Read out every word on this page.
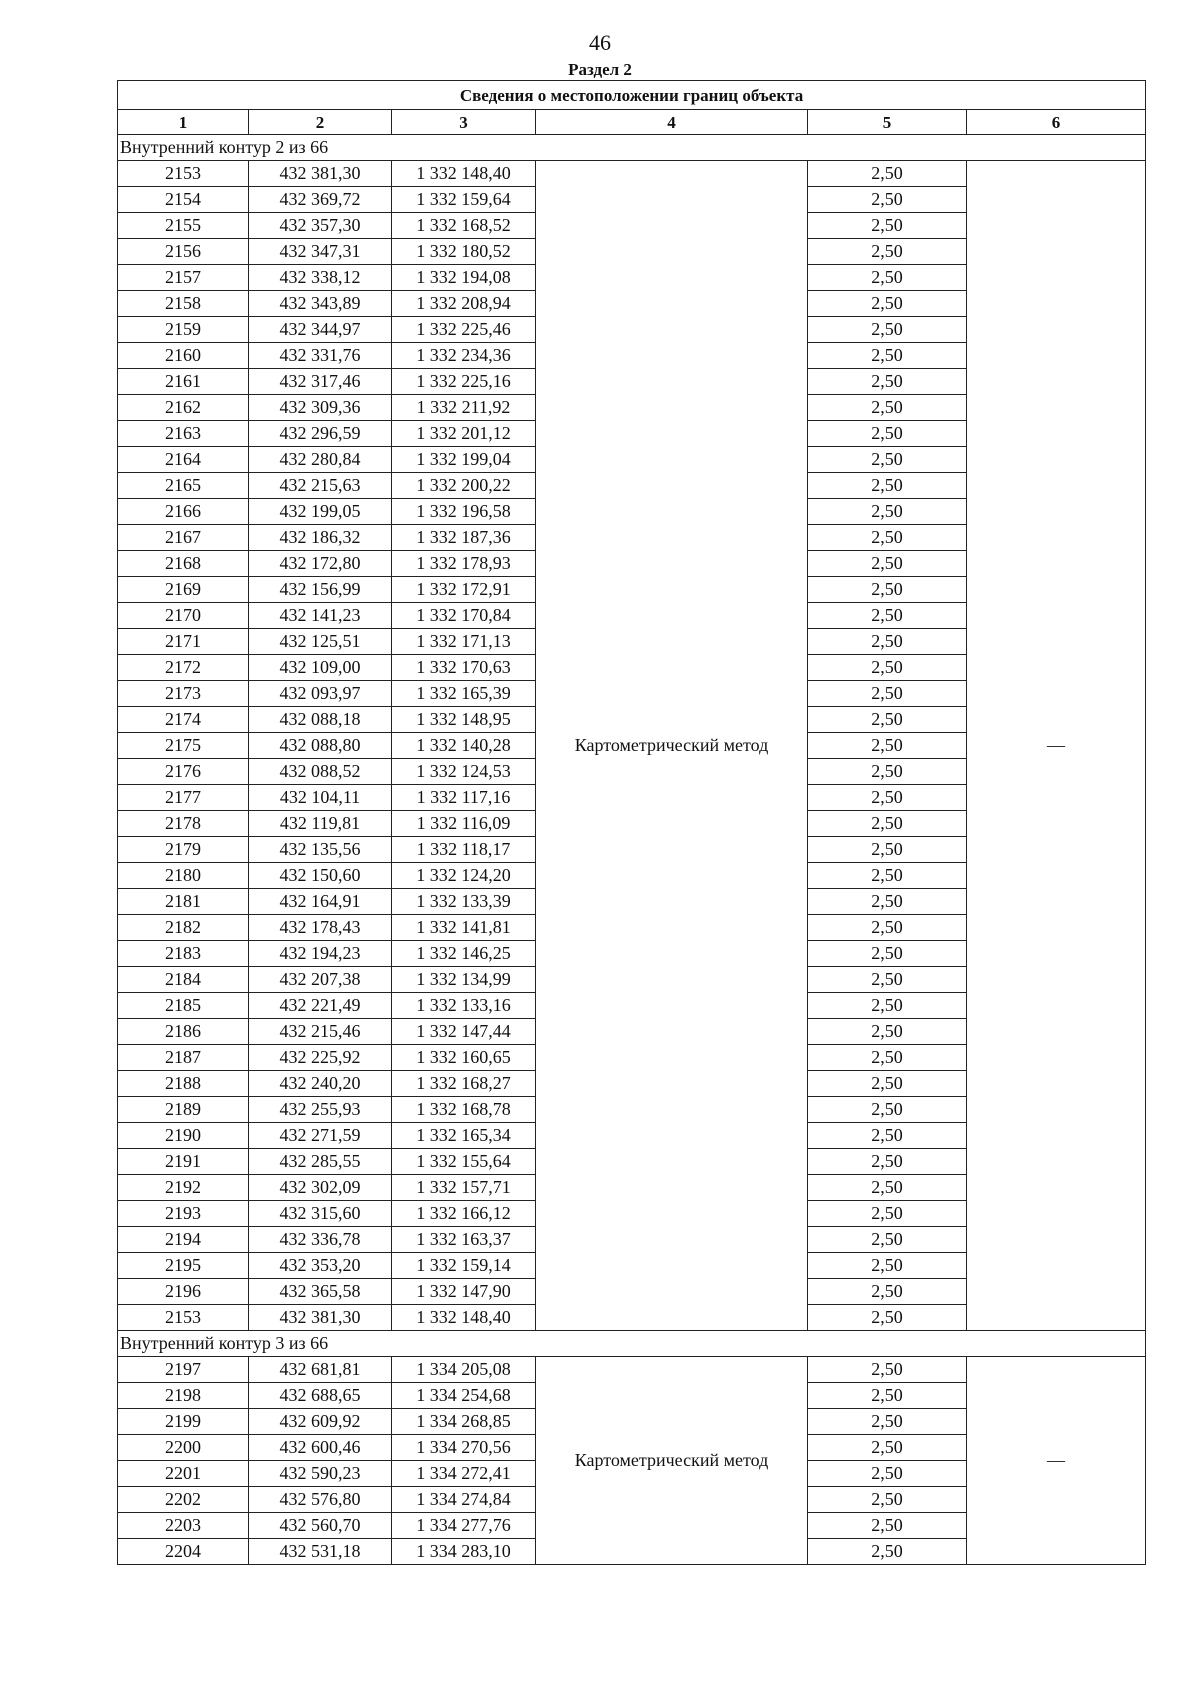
46
Раздел 2
Сведения о местоположении границ объекта					
1	2	3	4	5	6
Внутренний контур 2 из 66					
2153	432 381,30	1 332 148,40	Картометрический метод	2,50	—
2154	432 369,72	1 332 159,64		2,50	
2155	432 357,30	1 332 168,52		2,50	
2156	432 347,31	1 332 180,52		2,50	
2157	432 338,12	1 332 194,08		2,50	
2158	432 343,89	1 332 208,94		2,50	
2159	432 344,97	1 332 225,46		2,50	
2160	432 331,76	1 332 234,36		2,50	
2161	432 317,46	1 332 225,16		2,50	
2162	432 309,36	1 332 211,92		2,50	
2163	432 296,59	1 332 201,12		2,50	
2164	432 280,84	1 332 199,04		2,50	
2165	432 215,63	1 332 200,22		2,50	
2166	432 199,05	1 332 196,58		2,50	
2167	432 186,32	1 332 187,36		2,50	
2168	432 172,80	1 332 178,93		2,50	
2169	432 156,99	1 332 172,91		2,50	
2170	432 141,23	1 332 170,84		2,50	
2171	432 125,51	1 332 171,13		2,50	
2172	432 109,00	1 332 170,63		2,50	
2173	432 093,97	1 332 165,39		2,50	
2174	432 088,18	1 332 148,95		2,50	
2175	432 088,80	1 332 140,28		2,50	
2176	432 088,52	1 332 124,53		2,50	
2177	432 104,11	1 332 117,16		2,50	
2178	432 119,81	1 332 116,09		2,50	
2179	432 135,56	1 332 118,17		2,50	
2180	432 150,60	1 332 124,20		2,50	
2181	432 164,91	1 332 133,39		2,50	
2182	432 178,43	1 332 141,81		2,50	
2183	432 194,23	1 332 146,25		2,50	
2184	432 207,38	1 332 134,99		2,50	
2185	432 221,49	1 332 133,16		2,50	
2186	432 215,46	1 332 147,44		2,50	
2187	432 225,92	1 332 160,65		2,50	
2188	432 240,20	1 332 168,27		2,50	
2189	432 255,93	1 332 168,78		2,50	
2190	432 271,59	1 332 165,34		2,50	
2191	432 285,55	1 332 155,64		2,50	
2192	432 302,09	1 332 157,71		2,50	
2193	432 315,60	1 332 166,12		2,50	
2194	432 336,78	1 332 163,37		2,50	
2195	432 353,20	1 332 159,14		2,50	
2196	432 365,58	1 332 147,90		2,50	
2153	432 381,30	1 332 148,40		2,50	
Внутренний контур 3 из 66					
2197	432 681,81	1 334 205,08	Картометрический метод	2,50	—
2198	432 688,65	1 334 254,68		2,50	
2199	432 609,92	1 334 268,85		2,50	
2200	432 600,46	1 334 270,56		2,50	
2201	432 590,23	1 334 272,41		2,50	
2202	432 576,80	1 334 274,84		2,50	
2203	432 560,70	1 334 277,76		2,50	
2204	432 531,18	1 334 283,10		2,50	
